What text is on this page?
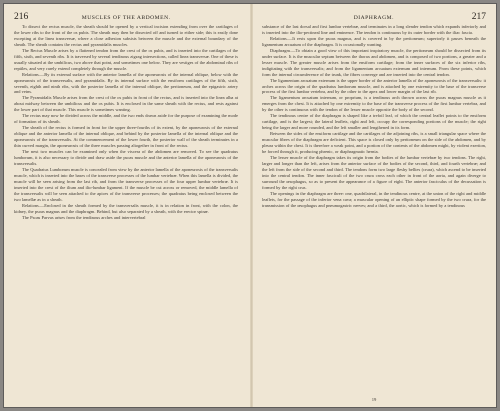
216	MUSCLES OF THE ABDOMEN.

To dissect the rectus muscle, the sheath should be opened by a vertical incision extending from over the cartilages of the lower ribs to the front of the os pubis. The sheath may then be dissected off and turned to either side; this is easily done excepting at the linea transversæ, where a close adhesion subsists between the muscle and the external boundary of the sheath. The sheath contains the rectus and pyramidalis muscles.

The Rectus Muscle arises by a flattened tendon from the crest of the os pubis, and is inserted into the cartilages of the fifth, sixth, and seventh ribs. It is traversed by several tendinous zigzag intersections, called linea transversæ. One of these is usually situated at the umbilicus, two above that point, and sometimes one below. They are vestiges of the abdominal ribs of reptiles, and very rarely extend completely through the muscle.

Relations.—By its external surface with the anterior lamella of the aponeurosis of the internal oblique, below with the aponeurosis of the transversalis, and pyramidalis. By its internal surface with the ensiform cartilages of the fifth, sixth, seventh, eighth and ninth ribs, with the posterior lamella of the internal oblique, the peritoneum, and the epigastric artery and veins.

The Pyramidalis Muscle arises from the crest of the os pubis in front of the rectus, and is inserted into the linea alba at about midway between the umbilicus and the os pubis. It is enclosed in the same sheath with the rectus, and rests against the lower part of that muscle. This muscle is sometimes wanting.

The rectus may now be divided across the middle, and the two ends drawn aside for the purpose of examining the mode of formation of its sheath.

The sheath of the rectus is formed in front for the upper three-fourths of its extent, by the aponeurosis of the external oblique and the anterior lamella of the internal oblique, and behind by the posterior lamella of the internal oblique and the aponeurosis of the transversalis. At the commencement of the lower fourth, the posterior wall of the sheath terminates in a thin curved margin, the aponeurosis of the three muscles passing altogether in front of the rectus.

The next two muscles can be examined only when the viscera of the abdomen are removed. To see the quadratus lumborum, it is also necessary to divide and draw aside the psoas muscle and the anterior lamella of the aponeurosis of the transversalis.

The Quadratus Lumborum muscle is concealed from view by the anterior lamella of the aponeurosis of the transversalis muscle, which is inserted into the bases of the transverse processes of the lumbar vertebræ. When this lamella is divided, the muscle will be seen arising from the last rib, and from the transverse processes of the four upper lumbar vertebræ. It is inserted into the crest of the ilium and ilio-lumbar ligament. If the muscle be cut across or removed, the middle lamella of the transversalis will be seen attached to the apices of the transverse processes; the quadratus being enclosed between the two lamellæ as in a sheath.

Relations.—Enclosed in the sheath formed by the transversalis muscle, it is in relation in front, with the colon, the kidney, the psoas magnus and the diaphragm. Behind, but also separated by a sheath, with the erector spinæ.

The Psoas Parvus arises from the tendinous arches and intervertebral

DIAPHRAGM.	217

substance of the last dorsal and first lumbar vertebræ, and terminates in a long slender tendon which expands inferiorly and is inserted into the ilio-pectineal line and eminence. The tendon is continuous by its outer border with the iliac fascia.

Relations.—It rests upon the psoas magnus, and is covered in by the peritoneum; superiorly it passes beneath the ligamentum arcuatum of the diaphragm. It is occasionally wanting.

Diaphragm.—To obtain a good view of this important inspiratory muscle, the peritoneum should be dissected from its under surface. It is the muscular septum between the thorax and abdomen, and is composed of two portions, a greater and a lesser muscle. The greater muscle arises from the ensiform cartilage; from the inner surfaces of the six inferior ribs, indigitating with the transversalis; and from the ligamentum arcuatum externum and internum. From these points, which form the internal circumference of the trunk, the fibres converge and are inserted into the central tendon.

The ligamentum arcuatum externum is the upper border of the anterior lamella of the aponeurosis of the transversalis: it arches across the origin of the quadratus lumborum muscle, and is attached by one extremity to the base of the transverse process of the first lumbar vertebra, and by the other to the apex and lower margin of the last rib.

The ligamentum arcuatum internum, or proprium, is a tendinous arch thrown across the psoas magnus muscle as it emerges from the chest. It is attached by one extremity to the base of the transverse process of the first lumbar vertebra, and by the other is continuous with the tendon of the lesser muscle opposite the body of the second.

The tendinous centre of the diaphragm is shaped like a trefoil leaf, of which the central leaflet points to the ensiform cartilage, and is the largest; the lateral leaflets, right and left, occupy the corresponding portions of the muscle; the right being the larger and more rounded, and the left smaller and lengthened in its form.

Between the sides of the ensiform cartilage and the cartilages of the adjoining ribs, is a small triangular space where the muscular fibres of the diaphragm are deficient. This space is closed only by peritoneum on the side of the abdomen, and by pleura within the chest. It is therefore a weak point, and a portion of the contents of the abdomen might, by violent exertion, be forced through it, producing phrenic, or diaphragmatic hernia.

The lesser muscle of the diaphragm takes its origin from the bodies of the lumbar vertebræ by two tendons. The right, larger and longer than the left, arises from the anterior surface of the bodies of the second, third, and fourth vertebræ; and the left from the side of the second and third. The tendons form two large fleshy bellies (crura), which ascend to be inserted into the central tendon. The inner fasciculi of the two crura cross each other in front of the aorta, and again diverge to surround the œsophagus, so as to present the appearance of a figure of eight. The anterior fasciculus of the decussation is formed by the right crus.

The openings in the diaphragm are three: one, quadrilateral, in the tendinous centre, at the union of the right and middle leaflets, for the passage of the inferior vena cava; a muscular opening of an elliptic shape formed by the two crura, for the transmission of the œsophagus and pneumogastric nerves; and a third, the aortic, which is formed by a tendinous

19
